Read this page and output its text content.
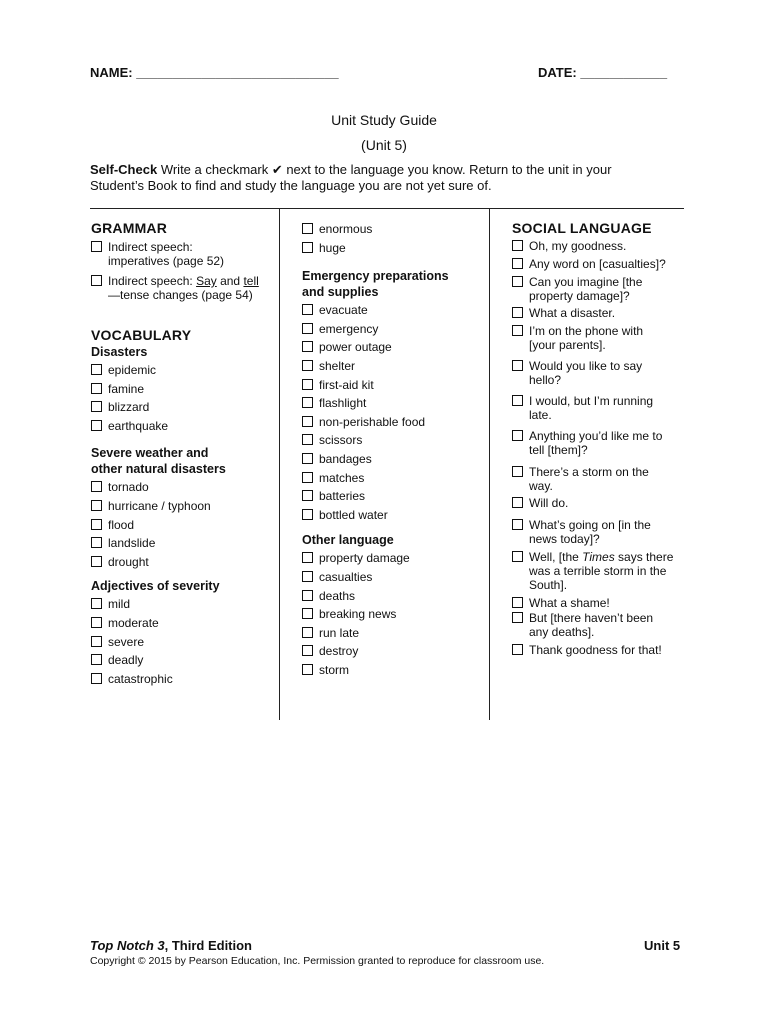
NAME: ____________________________	DATE: ____________
Unit Study Guide
(Unit 5)
Self-Check Write a checkmark ✔ next to the language you know. Return to the unit in your
Student’s Book to find and study the language you are not yet sure of.
GRAMMAR
Indirect speech:
imperatives (page 52)
Indirect speech: Say and tell
—tense changes (page 54)
VOCABULARY
Disasters
epidemic
famine
blizzard
earthquake
Severe weather and
other natural disasters
tornado
hurricane / typhoon
flood
landslide
drought
Adjectives of severity
mild
moderate
severe
deadly
catastrophic
enormous
huge
Emergency preparations
and supplies
evacuate
emergency
power outage
shelter
first-aid kit
flashlight
non-perishable food
scissors
bandages
matches
batteries
bottled water
Other language
property damage
casualties
deaths
breaking news
run late
destroy
storm
SOCIAL LANGUAGE
Oh, my goodness.
Any word on [casualties]?
Can you imagine [the
property damage]?
What a disaster.
I’m on the phone with
[your parents].
Would you like to say
hello?
I would, but I’m running
late.
Anything you’d like me to
tell [them]?
There’s a storm on the
way.
Will do.
What’s going on [in the
news today]?
Well, [the Times says there
was a terrible storm in the
South].
What a shame!
But [there haven’t been
any deaths].
Thank goodness for that!
Top Notch 3, Third Edition	Unit 5
Copyright © 2015 by Pearson Education, Inc. Permission granted to reproduce for classroom use.
